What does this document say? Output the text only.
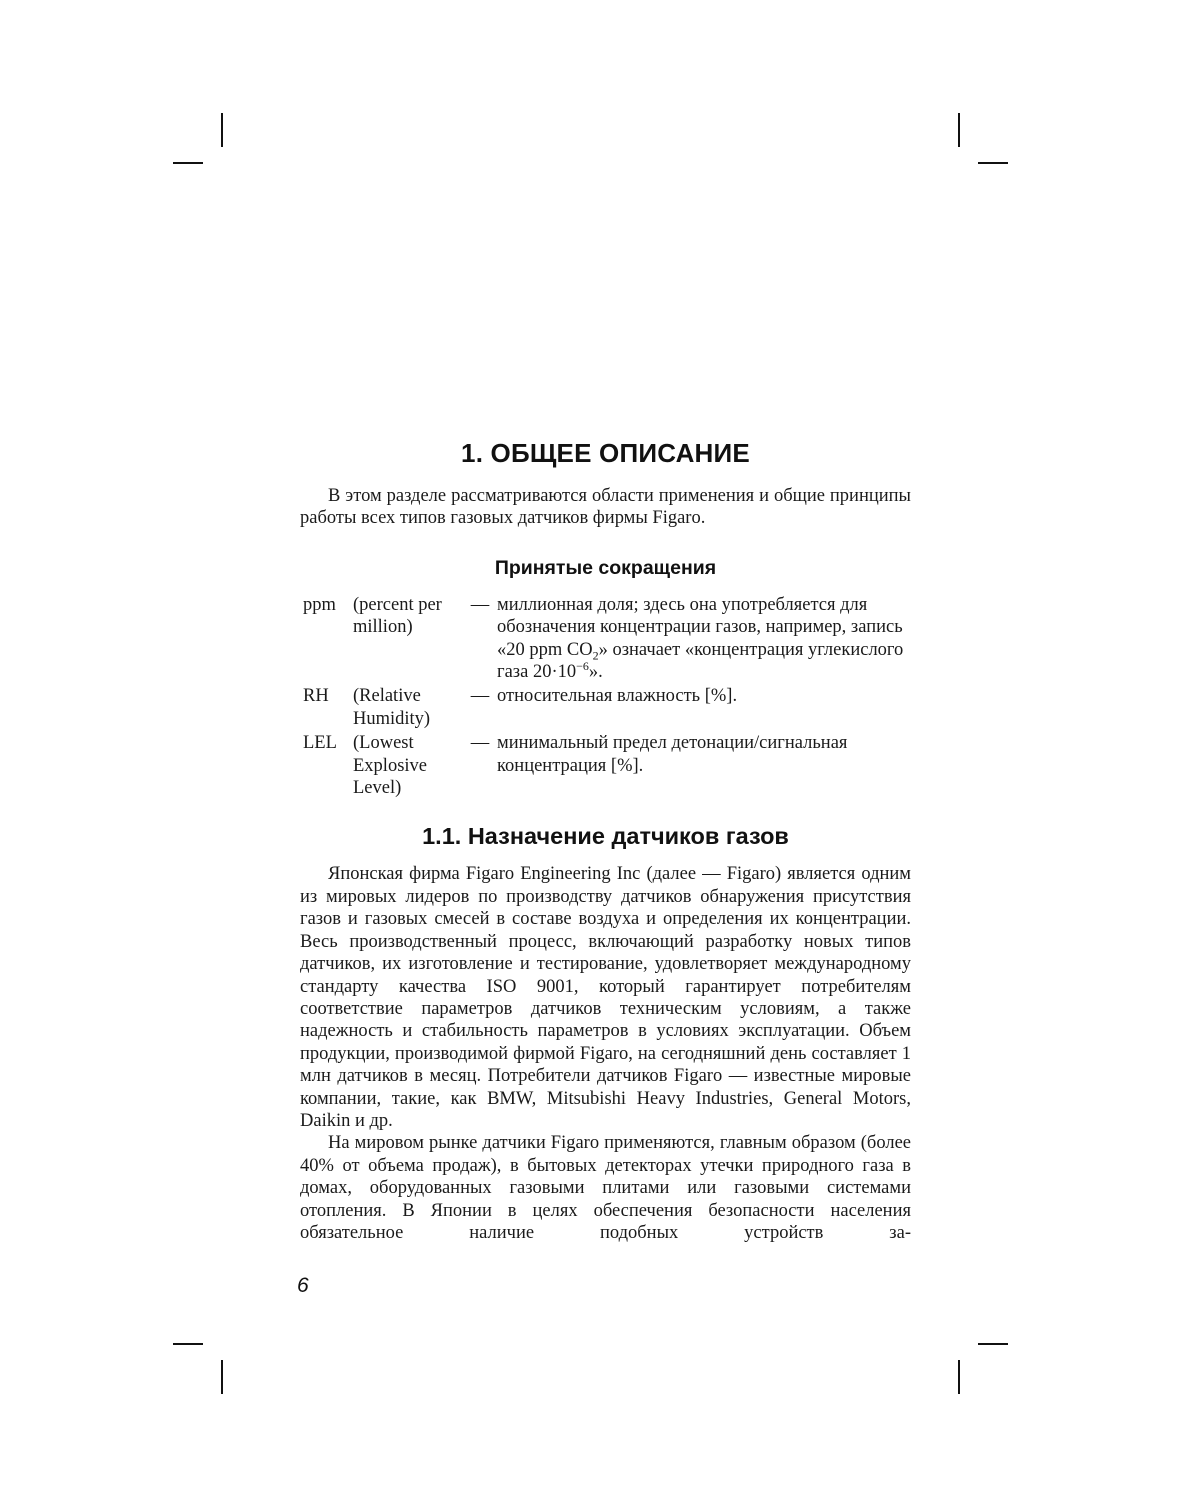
1. ОБЩЕЕ ОПИСАНИЕ

В этом разделе рассматриваются области применения и общие принципы работы всех типов газовых датчиков фирмы Figaro.

Принятые сокращения
ppm	(percent per million)	—	миллионная доля; здесь она употребляется для обозначения концентрации газов, например, запись «20 ppm $CO_2$» означает «концентрация углекислого газа $20\cdot 10^{-6}$».
RH	(Relative Humidity)	—	относительная влажность [%].
LEL	(Lowest Explosive Level)	—	минимальный предел детонации/сигнальная концентрация [%].
1.1. Назначение датчиков газов

Японская фирма Figaro Engineering Inc (далее — Figaro) является одним из мировых лидеров по производству датчиков обнаружения присутствия газов и газовых смесей в составе воздуха и определения их концентрации. Весь производственный процесс, включающий разработку новых типов датчиков, их изготовление и тестирование, удовлетворяет международному стандарту качества ISO 9001, который гарантирует потребителям соответствие параметров датчиков техническим условиям, а также надежность и стабильность параметров в условиях эксплуатации. Объем продукции, производимой фирмой Figaro, на сегодняшний день составляет 1 млн датчиков в месяц. Потребители датчиков Figaro — известные мировые компании, такие, как BMW, Mitsubishi Heavy Industries, General Motors, Daikin и др.

На мировом рынке датчики Figaro применяются, главным образом (более 40% от объема продаж), в бытовых детекторах утечки природного газа в домах, оборудованных газовыми плитами или газовыми системами отопления. В Японии в целях обеспечения безопасности населения обязательное наличие подобных устройств за-

6
